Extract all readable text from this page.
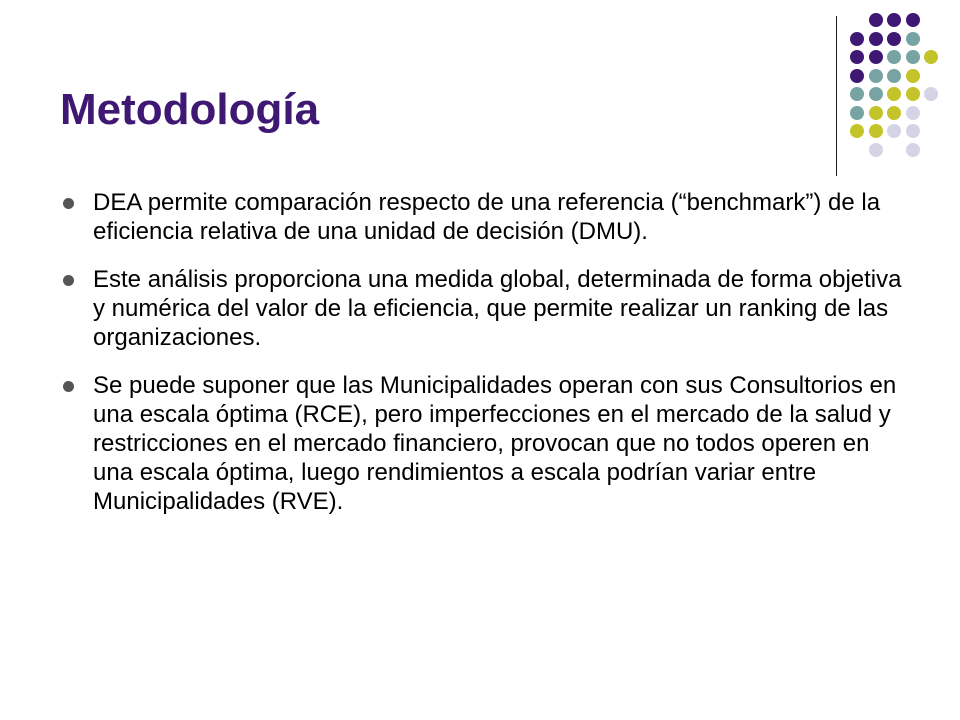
Metodología
DEA permite comparación respecto de una referencia (“benchmark”) de la eficiencia relativa de una unidad de decisión (DMU).
Este análisis proporciona una medida global, determinada de forma objetiva y numérica del valor de la eficiencia, que permite realizar un ranking de las organizaciones.
Se puede suponer que las Municipalidades operan con sus Consultorios en una escala óptima (RCE), pero imperfecciones en el mercado de la salud y restricciones en el mercado financiero, provocan que no todos operen en una escala óptima, luego rendimientos a escala podrían variar entre Municipalidades (RVE).
